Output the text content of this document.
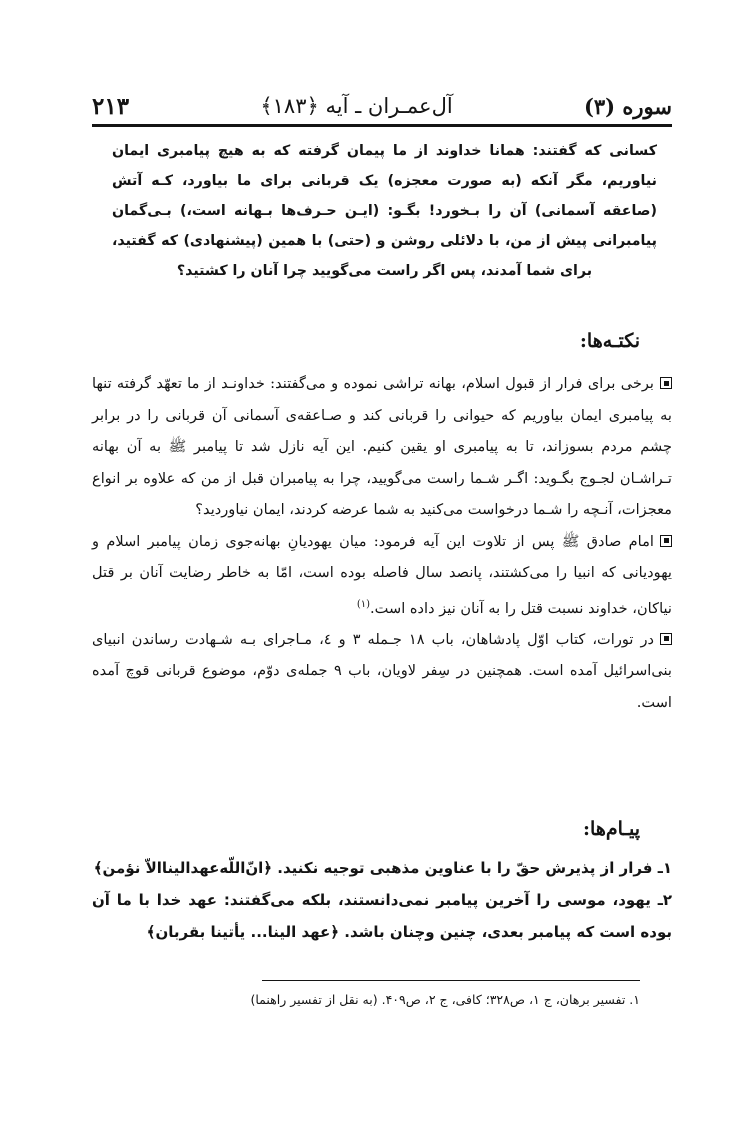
سوره (۳)
آل‌عمـران ـ آیه ﴿۱۸۳﴾
۲۱۳
کسانی که گفتند: همانا خداوند از ما پیمان گرفته که به هیچ پیامبری ایمان نیاوریم، مگر آنکه (به صورت معجزه) یک قربانی برای ما بیاورد، کـه آتش (صاعقه آسمانی) آن را بـخورد! بگـو: (ایـن حـرف‌ها بـهانه است،) بـی‌گمان پیامبرانی پیش از من، با دلائلی روشن و (حتی) با همین (پیشنهادی) که گفتید، برای شما آمدند، پس اگر راست می‌گویید چرا آنان را کشتید؟
نکتـه‌ها:

برخی برای فرار از قبول اسلام، بهانه تراشی نموده و می‌گفتند: خداونـد از ما تعهّد گرفته تنها به پیامبری ایمان بیاوریم که حیوانی را قربانی کند و صـاعقه‌ی آسمانی آن قربانی را در برابر چشم مردم بسوزاند، تا به پیامبری او یقین کنیم. این آیه نازل شد تا پیامبر ﷺ به آن بهانه تـراشـان لجـوج بگـوید: اگـر شـما راست می‌گویید، چرا به پیامبران قبل از من که علاوه بر انواع معجزات، آنـچه را شـما درخواست می‌کنید به شما عرضه کردند، ایمان نیاوردید؟

امام صادق ﷺ پس از تلاوت این آیه فرمود: میان یهودیانِ بهانه‌جوی زمان پیامبر اسلام و یهودیانی که انبیا را می‌کشتند، پانصد سال فاصله بوده است، امّا به خاطر رضایت آنان بر قتل نیاکان، خداوند نسبت قتل را به آنان نیز داده است.$^{(۱)}$

در تورات، کتاب اوّل پادشاهان، باب ۱۸ جـمله ۳ و ٤، مـاجرای بـه شـهادت رساندن انبیای بنی‌اسرائیل آمده است. همچنین در سِفر لاویان، باب ۹ جمله‌ی دوّم، موضوع قربانی قوچ آمده است.

پیـام‌ها:

۱ـ فرار از پذیرش حقّ را با عناوین مذهبی توجیه نکنید. ﴿انّ‌اللّه‌عهدالیناالاّ نؤمن﴾

۲ـ یهود، موسی را آخرین پیامبر نمی‌دانستند، بلکه می‌گفتند: عهد خدا با ما آن بوده است که پیامبر بعدی، چنین وچنان باشد. ﴿عهد الینا... یأتینا بقربان﴾

۱. تفسیر برهان، ج ۱، ص۳۲۸؛ کافی، ج ۲، ص۴۰۹. (به نقل از تفسیر راهنما)
